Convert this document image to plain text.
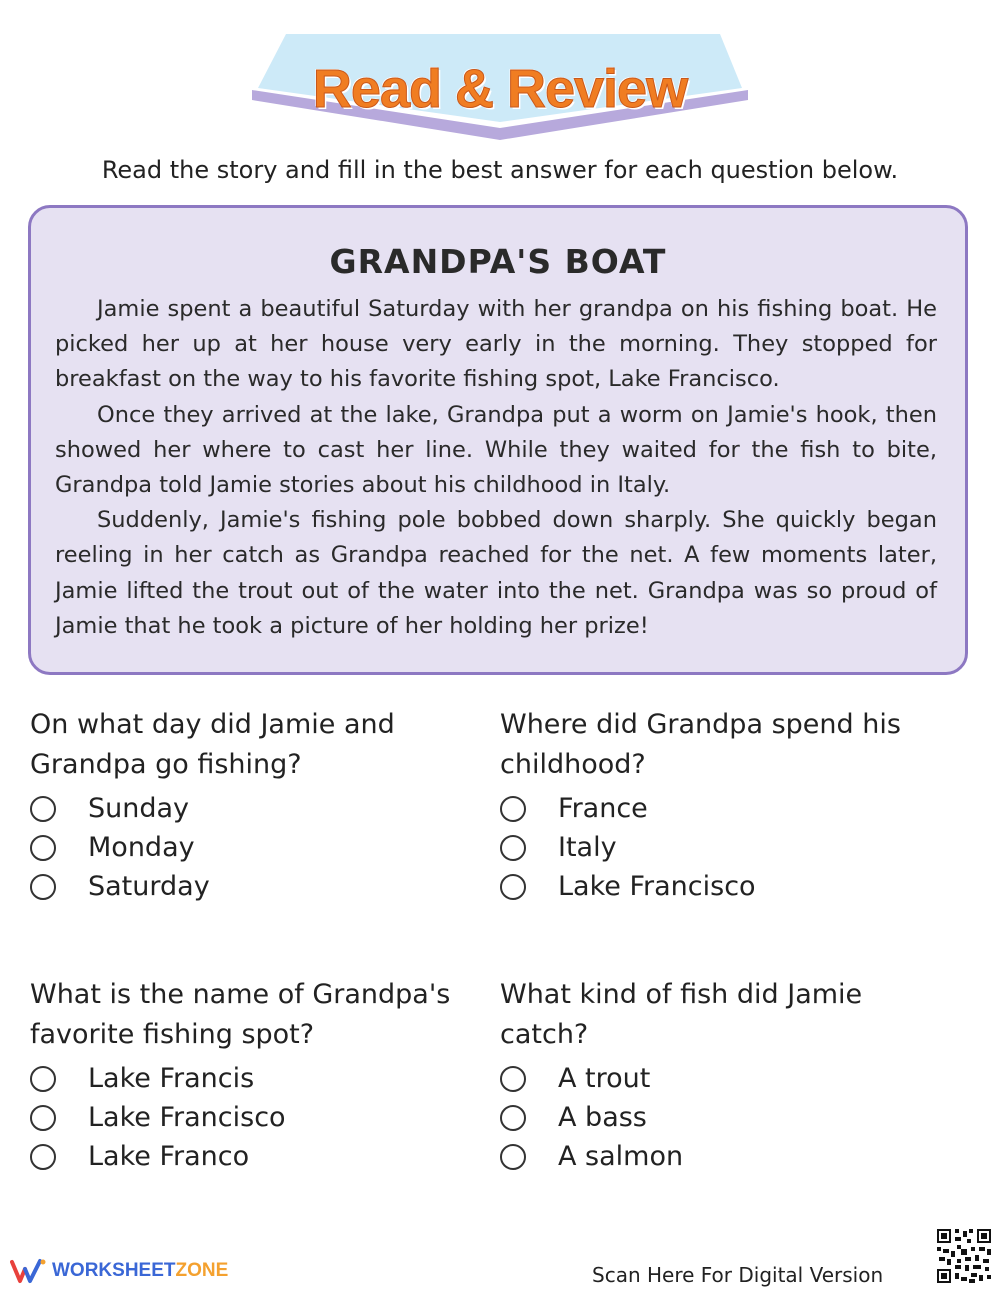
Read & Review
Read the story and fill in the best answer for each question below.
GRANDPA'S BOAT

Jamie spent a beautiful Saturday with her grandpa on his fishing boat. He picked her up at her house very early in the morning. They stopped for breakfast on the way to his favorite fishing spot, Lake Francisco.

Once they arrived at the lake, Grandpa put a worm on Jamie's hook, then showed her where to cast her line. While they waited for the fish to bite, Grandpa told Jamie stories about his childhood in Italy.

Suddenly, Jamie's fishing pole bobbed down sharply. She quickly began reeling in her catch as Grandpa reached for the net. A few moments later, Jamie lifted the trout out of the water into the net. Grandpa was so proud of Jamie that he took a picture of her holding her prize!

On what day did Jamie and Grandpa go fishing?

Sunday
Monday
Saturday

Where did Grandpa spend his childhood?

France
Italy
Lake Francisco

What is the name of Grandpa's favorite fishing spot?

Lake Francis
Lake Francisco
Lake Franco

What kind of fish did Jamie catch?

A trout
A bass
A salmon
WORKSHEETZONE	Scan Here For Digital Version
